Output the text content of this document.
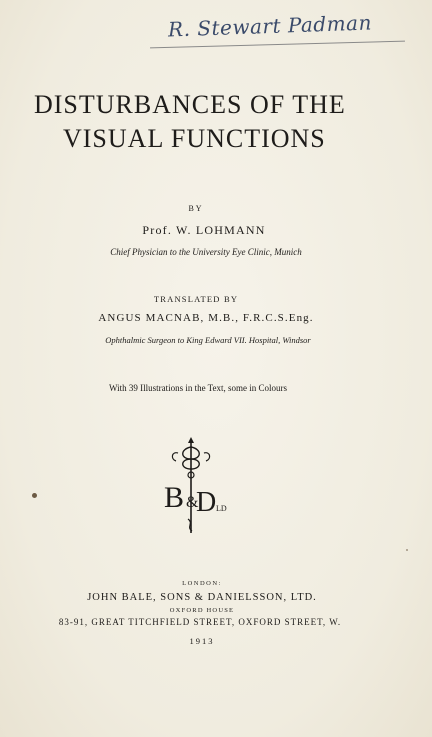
R. Stewart Padman
DISTURBANCES OF THE
VISUAL FUNCTIONS

BY

Prof. W. LOHMANN

Chief Physician to the University Eye Clinic, Munich

TRANSLATED BY

ANGUS MACNAB, M.B., F.R.C.S.Eng.

Ophthalmic Surgeon to King Edward VII. Hospital, Windsor

With 39 Illustrations in the Text, some in Colours

B &
D LD

LONDON:

JOHN BALE, SONS & DANIELSSON, LTD.

OXFORD HOUSE

83-91, GREAT TITCHFIELD STREET, OXFORD STREET, W.

1913
